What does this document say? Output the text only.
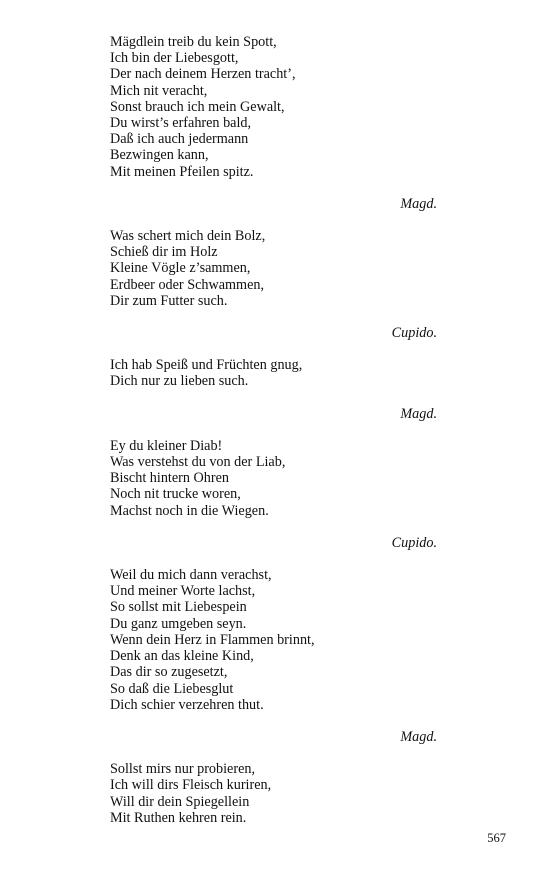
Mägdlein treib du kein Spott,
Ich bin der Liebesgott,
Der nach deinem Herzen tracht’,
Mich nit veracht,
Sonst brauch ich mein Gewalt,
Du wirst’s erfahren bald,
Daß ich auch jedermann
Bezwingen kann,
Mit meinen Pfeilen spitz.
Magd.
Was schert mich dein Bolz,
Schieß dir im Holz
Kleine Vögle z’sammen,
Erdbeer oder Schwammen,
Dir zum Futter such.
Cupido.
Ich hab Speiß und Früchten gnug,
Dich nur zu lieben such.
Magd.
Ey du kleiner Diab!
Was verstehst du von der Liab,
Bischt hintern Ohren
Noch nit trucke woren,
Machst noch in die Wiegen.
Cupido.
Weil du mich dann verachst,
Und meiner Worte lachst,
So sollst mit Liebespein
Du ganz umgeben seyn.
Wenn dein Herz in Flammen brinnt,
Denk an das kleine Kind,
Das dir so zugesetzt,
So daß die Liebesglut
Dich schier verzehren thut.
Magd.
Sollst mirs nur probieren,
Ich will dirs Fleisch kuriren,
Will dir dein Spiegellein
Mit Ruthen kehren rein.
567
